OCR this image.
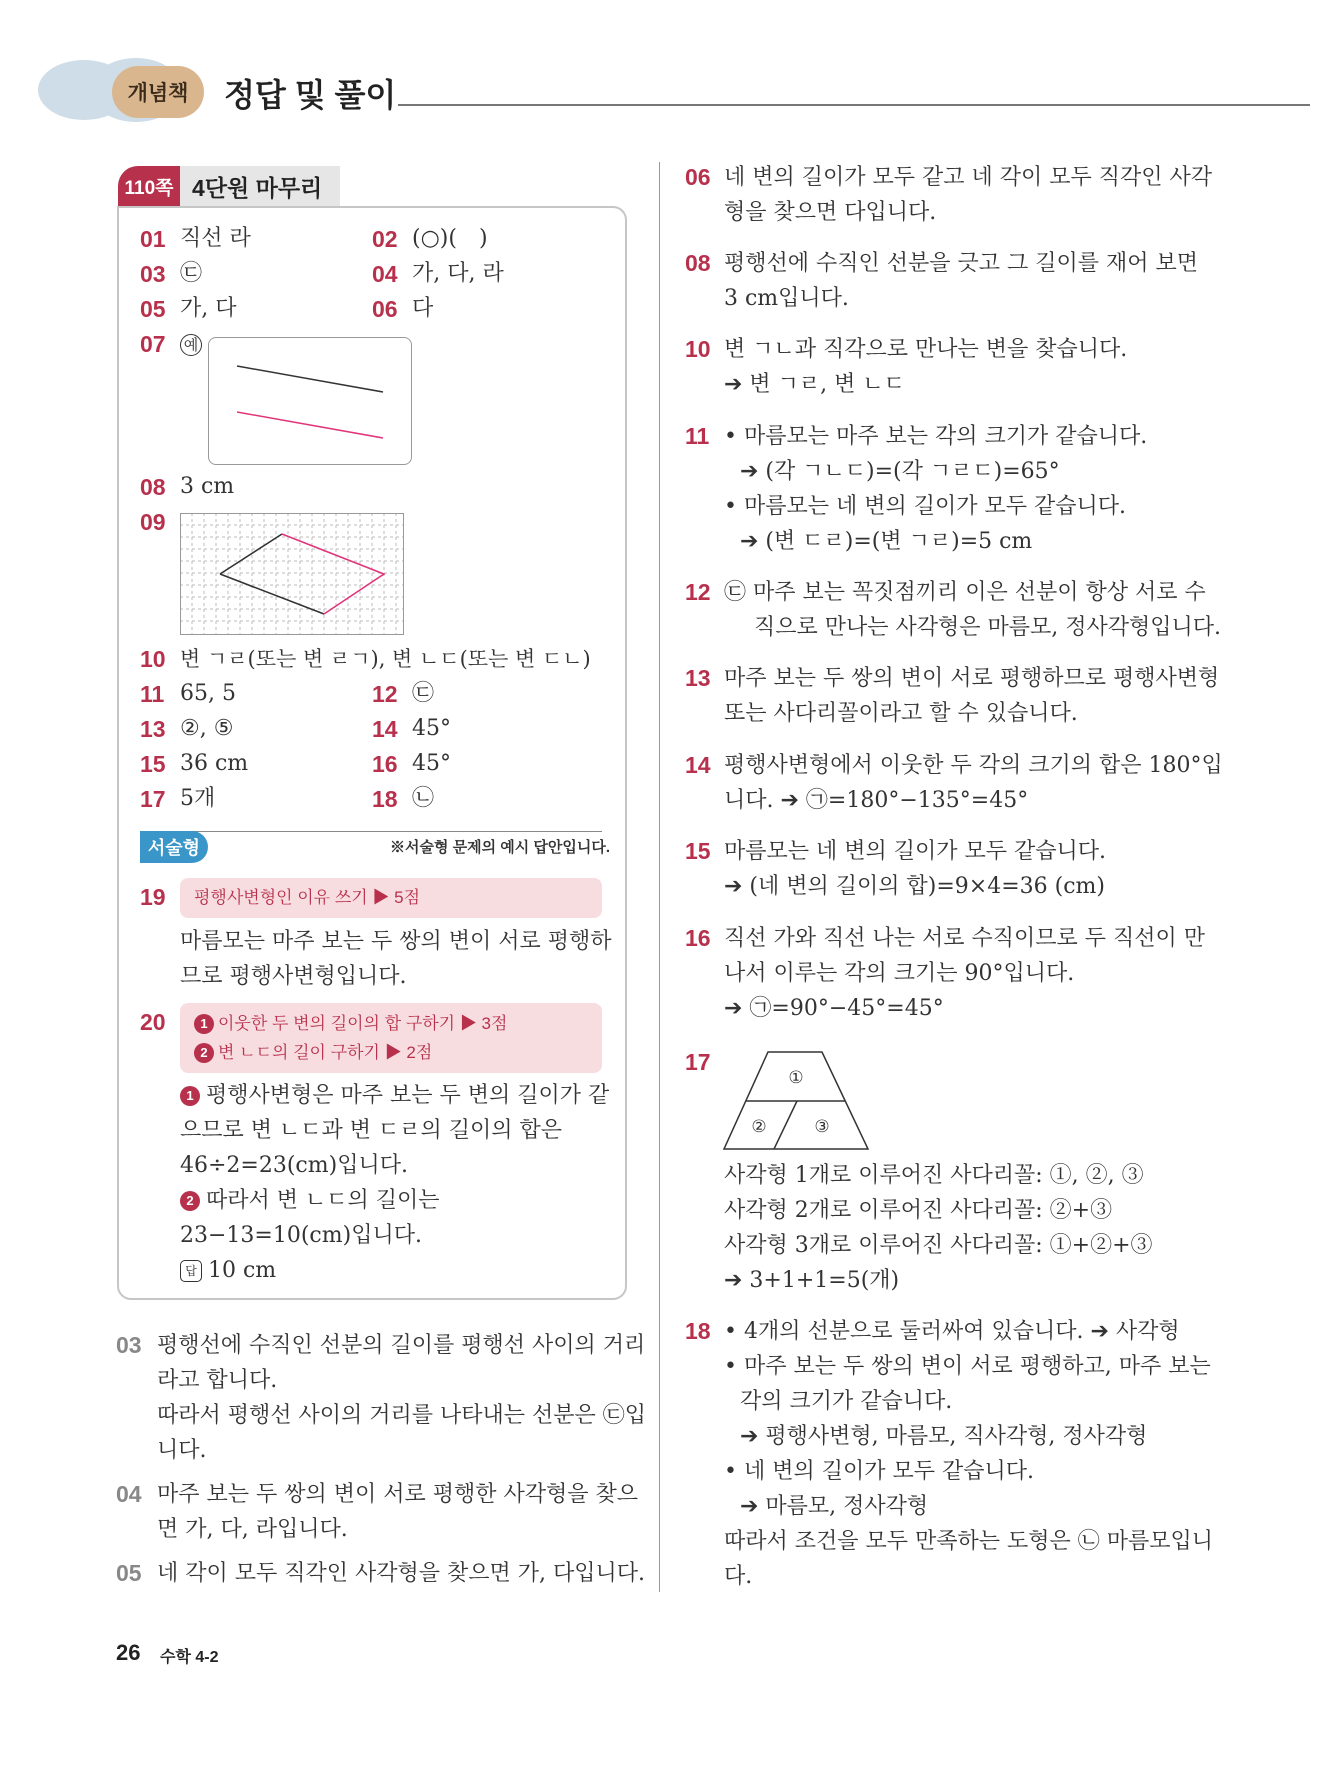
개념책	정답 및 풀이
110쪽 4단원 마무리
01 직선 라	02 (○)(　)
03 ㉢	04 가, 다, 라
05 가, 다	06 다
07 예
08 3 cm
09
10 변 ㄱㄹ(또는 변 ㄹㄱ), 변 ㄴㄷ(또는 변 ㄷㄴ)
11 65, 5	12 ㉢
13 ②, ⑤	14 45°
15 36 cm	16 45°
17 5개	18 ㉡
서술형	※서술형 문제의 예시 답안입니다.
19	평행사변형인 이유 쓰기 ▶ 5점
마름모는 마주 보는 두 쌍의 변이 서로 평행하
므로 평행사변형입니다.
20	1 이웃한 두 변의 길이의 합 구하기 ▶ 3점
2 변 ㄴㄷ의 길이 구하기 ▶ 2점
1 평행사변형은 마주 보는 두 변의 길이가 같
으므로 변 ㄴㄷ과 변 ㄷㄹ의 길이의 합은
46÷2=23(cm)입니다.
2 따라서 변 ㄴㄷ의 길이는
23−13=10(cm)입니다.
답 10 cm
03 평행선에 수직인 선분의 길이를 평행선 사이의 거리
라고 합니다.
따라서 평행선 사이의 거리를 나타내는 선분은 ㉢입
니다.
04 마주 보는 두 쌍의 변이 서로 평행한 사각형을 찾으
면 가, 다, 라입니다.
05 네 각이 모두 직각인 사각형을 찾으면 가, 다입니다.
06 네 변의 길이가 모두 같고 네 각이 모두 직각인 사각
형을 찾으면 다입니다.
08 평행선에 수직인 선분을 긋고 그 길이를 재어 보면
3 cm입니다.
10 변 ㄱㄴ과 직각으로 만나는 변을 찾습니다.
➔ 변 ㄱㄹ, 변 ㄴㄷ
11 • 마름모는 마주 보는 각의 크기가 같습니다.
➔ (각 ㄱㄴㄷ)=(각 ㄱㄹㄷ)=65°
• 마름모는 네 변의 길이가 모두 같습니다.
➔ (변 ㄷㄹ)=(변 ㄱㄹ)=5 cm
12 ㉢ 마주 보는 꼭짓점끼리 이은 선분이 항상 서로 수
직으로 만나는 사각형은 마름모, 정사각형입니다.
13 마주 보는 두 쌍의 변이 서로 평행하므로 평행사변형
또는 사다리꼴이라고 할 수 있습니다.
14 평행사변형에서 이웃한 두 각의 크기의 합은 180°입
니다. ➔ ㉠=180°−135°=45°
15 마름모는 네 변의 길이가 모두 같습니다.
➔ (네 변의 길이의 합)=9×4=36 (cm)
16 직선 가와 직선 나는 서로 수직이므로 두 직선이 만
나서 이루는 각의 크기는 90°입니다.
➔ ㉠=90°−45°=45°
17
①
②	③
사각형 1개로 이루어진 사다리꼴: ①, ②, ③
사각형 2개로 이루어진 사다리꼴: ②+③
사각형 3개로 이루어진 사다리꼴: ①+②+③
➔ 3+1+1=5(개)
18 • 4개의 선분으로 둘러싸여 있습니다. ➔ 사각형
• 마주 보는 두 쌍의 변이 서로 평행하고, 마주 보는
각의 크기가 같습니다.
➔ 평행사변형, 마름모, 직사각형, 정사각형
• 네 변의 길이가 모두 같습니다.
➔ 마름모, 정사각형
따라서 조건을 모두 만족하는 도형은 ㉡ 마름모입니
다.
26 수학 4-2
